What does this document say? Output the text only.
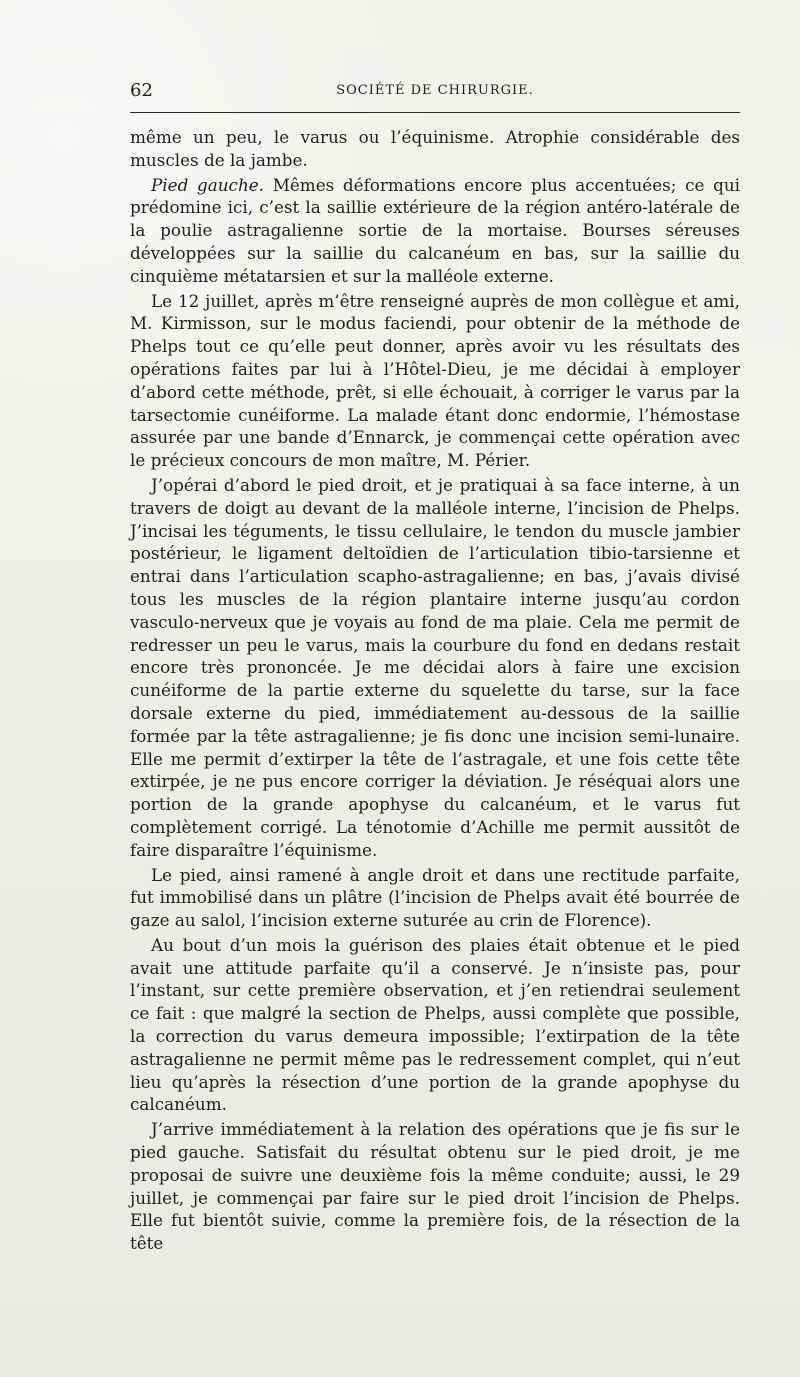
62	SOCIÉTÉ DE CHIRURGIE.

même un peu, le varus ou l’équinisme. Atrophie considérable des muscles de la jambe.

Pied gauche. Mêmes déformations encore plus accentuées; ce qui prédomine ici, c’est la saillie extérieure de la région antéro-latérale de la poulie astragalienne sortie de la mortaise. Bourses séreuses développées sur la saillie du calcanéum en bas, sur la saillie du cinquième métatarsien et sur la malléole externe.

Le 12 juillet, après m’être renseigné auprès de mon collègue et ami, M. Kirmisson, sur le modus faciendi, pour obtenir de la méthode de Phelps tout ce qu’elle peut donner, après avoir vu les résultats des opérations faites par lui à l’Hôtel-Dieu, je me décidai à employer d’abord cette méthode, prêt, si elle échouait, à corriger le varus par la tarsectomie cunéiforme. La malade étant donc endormie, l’hémostase assurée par une bande d’Ennarck, je commençai cette opération avec le précieux concours de mon maître, M. Périer.

J’opérai d’abord le pied droit, et je pratiquai à sa face interne, à un travers de doigt au devant de la malléole interne, l’incision de Phelps. J’incisai les téguments, le tissu cellulaire, le tendon du muscle jambier postérieur, le ligament deltoïdien de l’articulation tibio-tarsienne et entrai dans l’articulation scapho-astragalienne; en bas, j’avais divisé tous les muscles de la région plantaire interne jusqu’au cordon vasculo-nerveux que je voyais au fond de ma plaie. Cela me permit de redresser un peu le varus, mais la courbure du fond en dedans restait encore très prononcée. Je me décidai alors à faire une excision cunéiforme de la partie externe du squelette du tarse, sur la face dorsale externe du pied, immédiatement au-dessous de la saillie formée par la tête astragalienne; je fis donc une incision semi-lunaire. Elle me permit d’extirper la tête de l’astragale, et une fois cette tête extirpée, je ne pus encore corriger la déviation. Je réséquai alors une portion de la grande apophyse du calcanéum, et le varus fut complètement corrigé. La ténotomie d’Achille me permit aussitôt de faire disparaître l’équinisme.

Le pied, ainsi ramené à angle droit et dans une rectitude parfaite, fut immobilisé dans un plâtre (l’incision de Phelps avait été bourrée de gaze au salol, l’incision externe suturée au crin de Florence).

Au bout d’un mois la guérison des plaies était obtenue et le pied avait une attitude parfaite qu’il a conservé. Je n’insiste pas, pour l’instant, sur cette première observation, et j’en retiendrai seulement ce fait : que malgré la section de Phelps, aussi complète que possible, la correction du varus demeura impossible; l’extirpation de la tête astragalienne ne permit même pas le redressement complet, qui n’eut lieu qu’après la résection d’une portion de la grande apophyse du calcanéum.

J’arrive immédiatement à la relation des opérations que je fis sur le pied gauche. Satisfait du résultat obtenu sur le pied droit, je me proposai de suivre une deuxième fois la même conduite; aussi, le 29 juillet, je commençai par faire sur le pied droit l’incision de Phelps. Elle fut bientôt suivie, comme la première fois, de la résection de la tête
